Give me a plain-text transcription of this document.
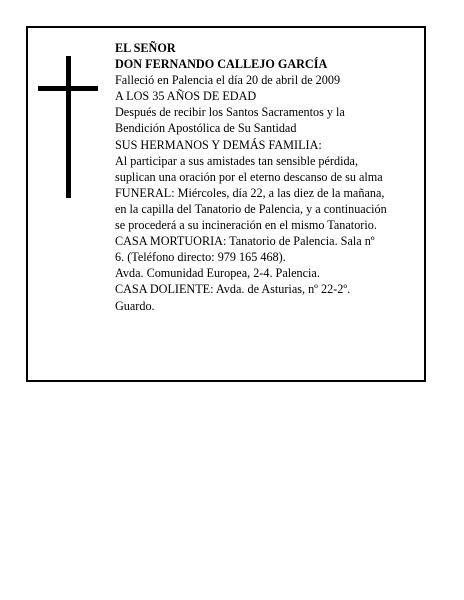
EL SEÑOR
DON FERNANDO CALLEJO GARCÍA
Falleció en Palencia el día 20 de abril de 2009
A LOS 35 AÑOS DE EDAD
Después de recibir los Santos Sacramentos y la
Bendición Apostólica de Su Santidad
SUS HERMANOS Y DEMÁS FAMILIA:
Al participar a sus amistades tan sensible pérdida,
suplican una oración por el eterno descanso de su alma
FUNERAL: Miércoles, día 22, a las diez de la mañana,
en la capilla del Tanatorio de Palencia, y a continuación
se procederá a su incineración en el mismo Tanatorio.
CASA MORTUORIA: Tanatorio de Palencia. Sala nº
6. (Teléfono directo: 979 165 468).
Avda. Comunidad Europea, 2-4. Palencia.
CASA DOLIENTE: Avda. de Asturias, nº 22-2º.
Guardo.
